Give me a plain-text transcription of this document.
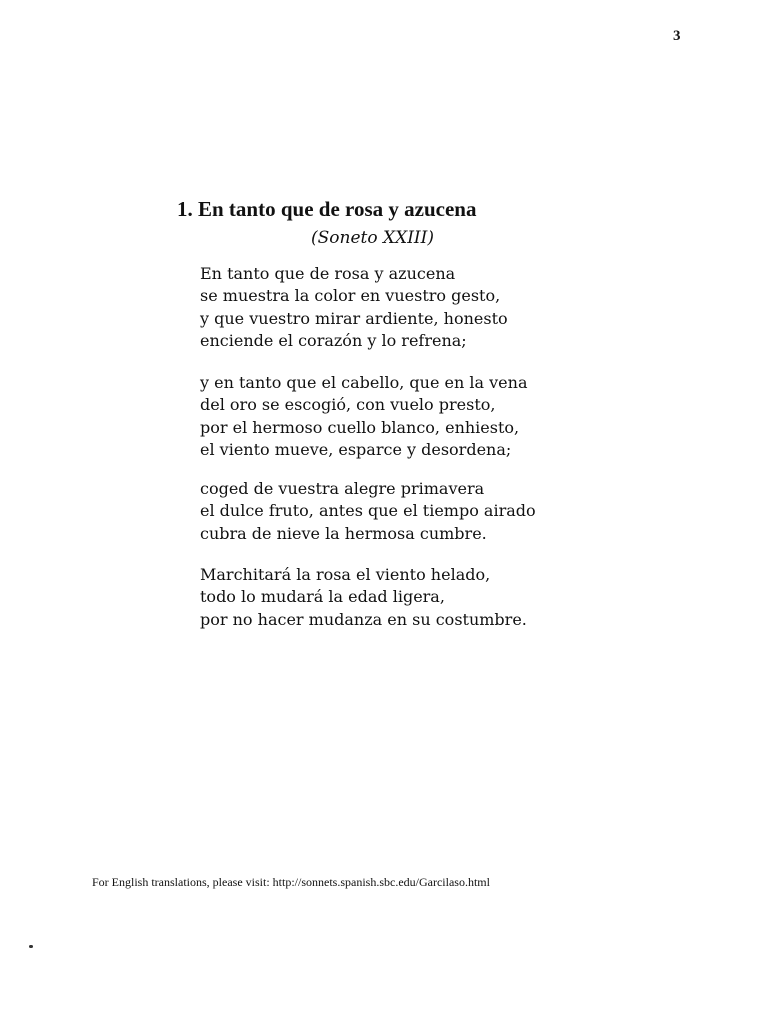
3
1. En tanto que de rosa y azucena
(Soneto XXIII)
En tanto que de rosa y azucena
se muestra la color en vuestro gesto,
y que vuestro mirar ardiente, honesto
enciende el corazón y lo refrena;
y en tanto que el cabello, que en la vena
del oro se escogió, con vuelo presto,
por el hermoso cuello blanco, enhiesto,
el viento mueve, esparce y desordena;
coged de vuestra alegre primavera
el dulce fruto, antes que el tiempo airado
cubra de nieve la hermosa cumbre.
Marchitará la rosa el viento helado,
todo lo mudará la edad ligera,
por no hacer mudanza en su costumbre.
For English translations, please visit: http://sonnets.spanish.sbc.edu/Garcilaso.html
